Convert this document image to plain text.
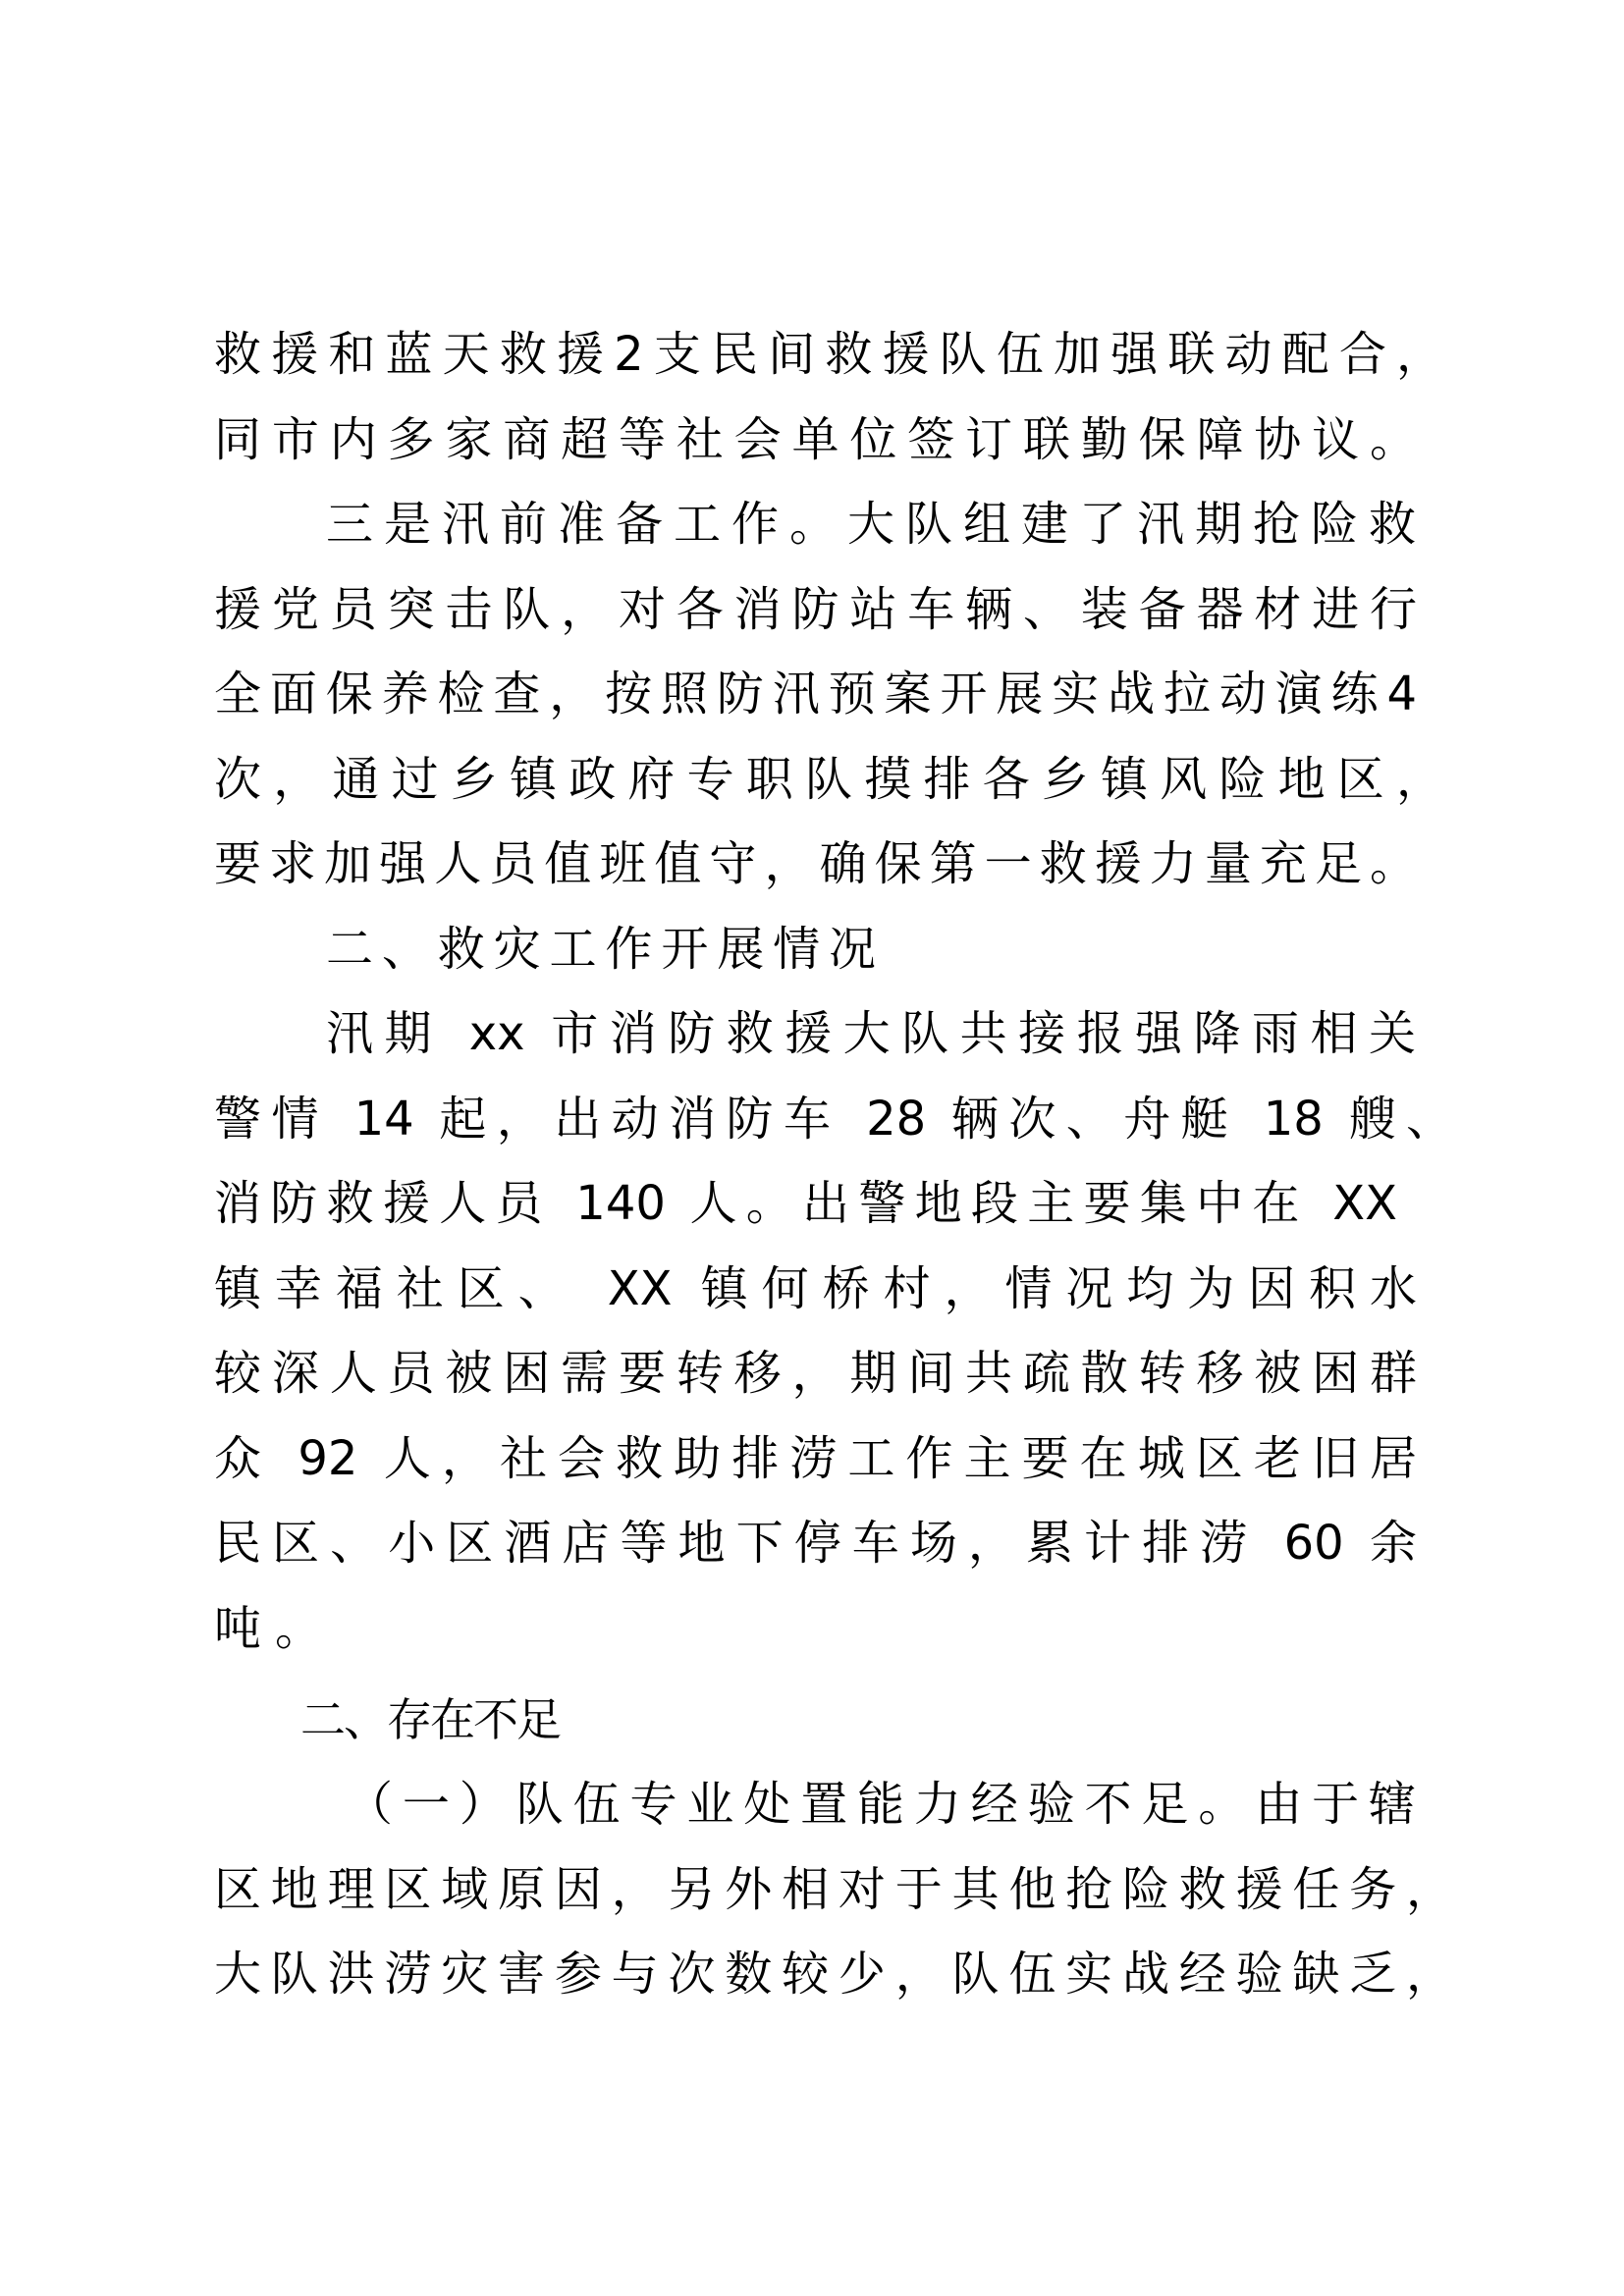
救援和蓝天救援2支民间救援队伍加强联动配合，
同市内多家商超等社会单位签订联勤保障协议。
三是汛前准备工作。大队组建了汛期抢险救
援党员突击队，对各消防站车辆、装备器材进行
全面保养检查，按照防汛预案开展实战拉动演练4
次，通过乡镇政府专职队摸排各乡镇风险地区，
要求加强人员值班值守，确保第一救援力量充足。
二、救灾工作开展情况
汛期 xx 市消防救援大队共接报强降雨相关
警情 14 起，出动消防车 28 辆次、舟艇 18 艘、
消防救援人员 140 人。出警地段主要集中在 XX
镇幸福社区、 XX 镇何桥村，情况均为因积水
较深人员被困需要转移，期间共疏散转移被困群
众 92 人，社会救助排涝工作主要在城区老旧居
民区、小区酒店等地下停车场，累计排涝 60 余
吨。
二、存在不足
（一）队伍专业处置能力经验不足。由于辖
区地理区域原因，另外相对于其他抢险救援任务，
大队洪涝灾害参与次数较少，队伍实战经验缺乏，
